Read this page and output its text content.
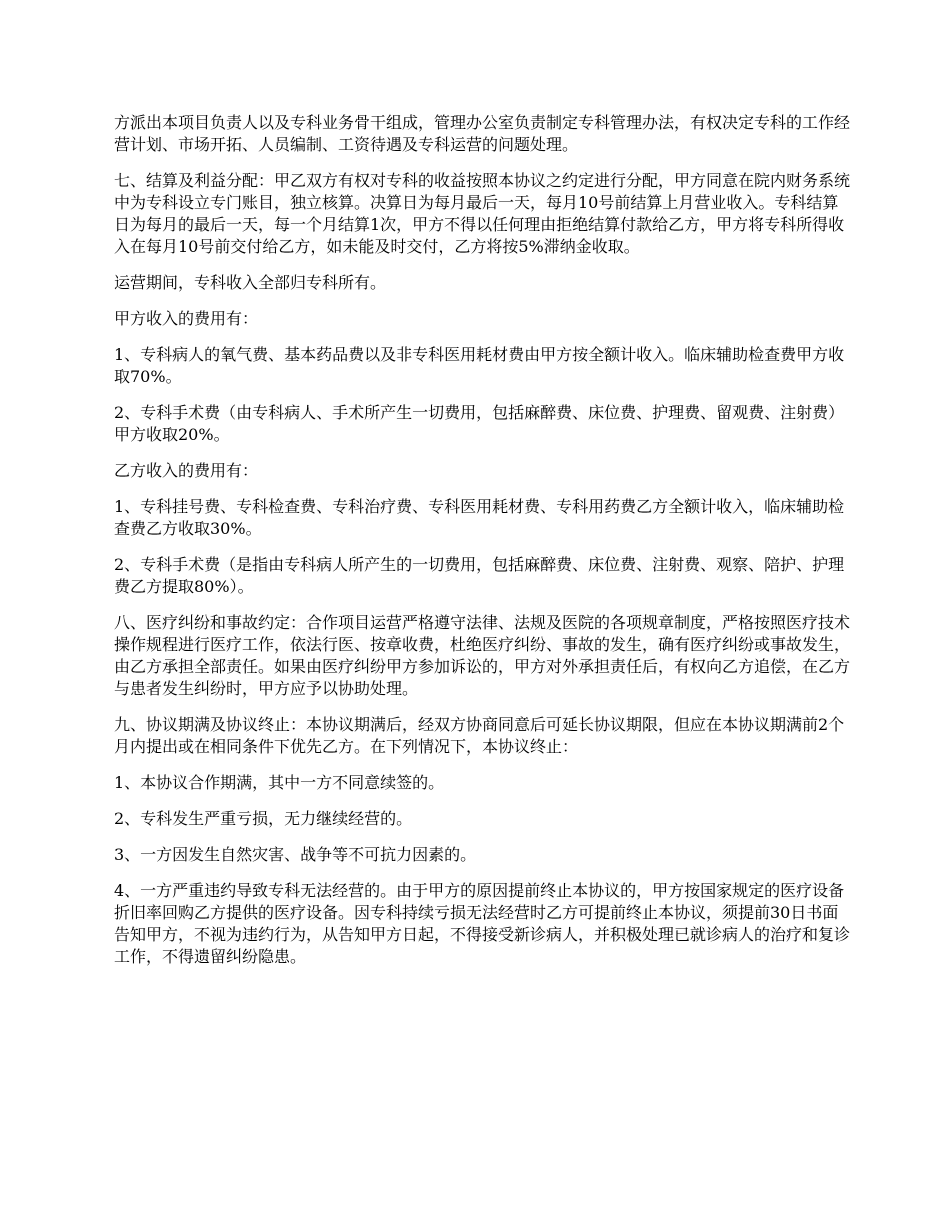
方派出本项目负责人以及专科业务骨干组成，管理办公室负责制定专科管理办法，有权决定专科的工作经营计划、市场开拓、人员编制、工资待遇及专科运营的问题处理。

七、结算及利益分配：甲乙双方有权对专科的收益按照本协议之约定进行分配，甲方同意在院内财务系统中为专科设立专门账目，独立核算。决算日为每月最后一天，每月10号前结算上月营业收入。专科结算日为每月的最后一天，每一个月结算1次，甲方不得以任何理由拒绝结算付款给乙方，甲方将专科所得收入在每月10号前交付给乙方，如未能及时交付，乙方将按5%滞纳金收取。

运营期间，专科收入全部归专科所有。

甲方收入的费用有：

1、专科病人的氧气费、基本药品费以及非专科医用耗材费由甲方按全额计收入。临床辅助检查费甲方收取70%。

2、专科手术费（由专科病人、手术所产生一切费用，包括麻醉费、床位费、护理费、留观费、注射费）甲方收取20%。

乙方收入的费用有：

1、专科挂号费、专科检查费、专科治疗费、专科医用耗材费、专科用药费乙方全额计收入，临床辅助检查费乙方收取30%。

2、专科手术费（是指由专科病人所产生的一切费用，包括麻醉费、床位费、注射费、观察、陪护、护理费乙方提取80%）。

八、医疗纠纷和事故约定：合作项目运营严格遵守法律、法规及医院的各项规章制度，严格按照医疗技术操作规程进行医疗工作，依法行医、按章收费，杜绝医疗纠纷、事故的发生，确有医疗纠纷或事故发生，由乙方承担全部责任。如果由医疗纠纷甲方参加诉讼的，甲方对外承担责任后，有权向乙方追偿，在乙方与患者发生纠纷时，甲方应予以协助处理。

九、协议期满及协议终止：本协议期满后，经双方协商同意后可延长协议期限，但应在本协议期满前2个月内提出或在相同条件下优先乙方。在下列情况下，本协议终止：

1、本协议合作期满，其中一方不同意续签的。

2、专科发生严重亏损，无力继续经营的。

3、一方因发生自然灾害、战争等不可抗力因素的。

4、一方严重违约导致专科无法经营的。由于甲方的原因提前终止本协议的，甲方按国家规定的医疗设备折旧率回购乙方提供的医疗设备。因专科持续亏损无法经营时乙方可提前终止本协议，须提前30日书面告知甲方，不视为违约行为，从告知甲方日起，不得接受新诊病人，并积极处理已就诊病人的治疗和复诊工作，不得遗留纠纷隐患。
